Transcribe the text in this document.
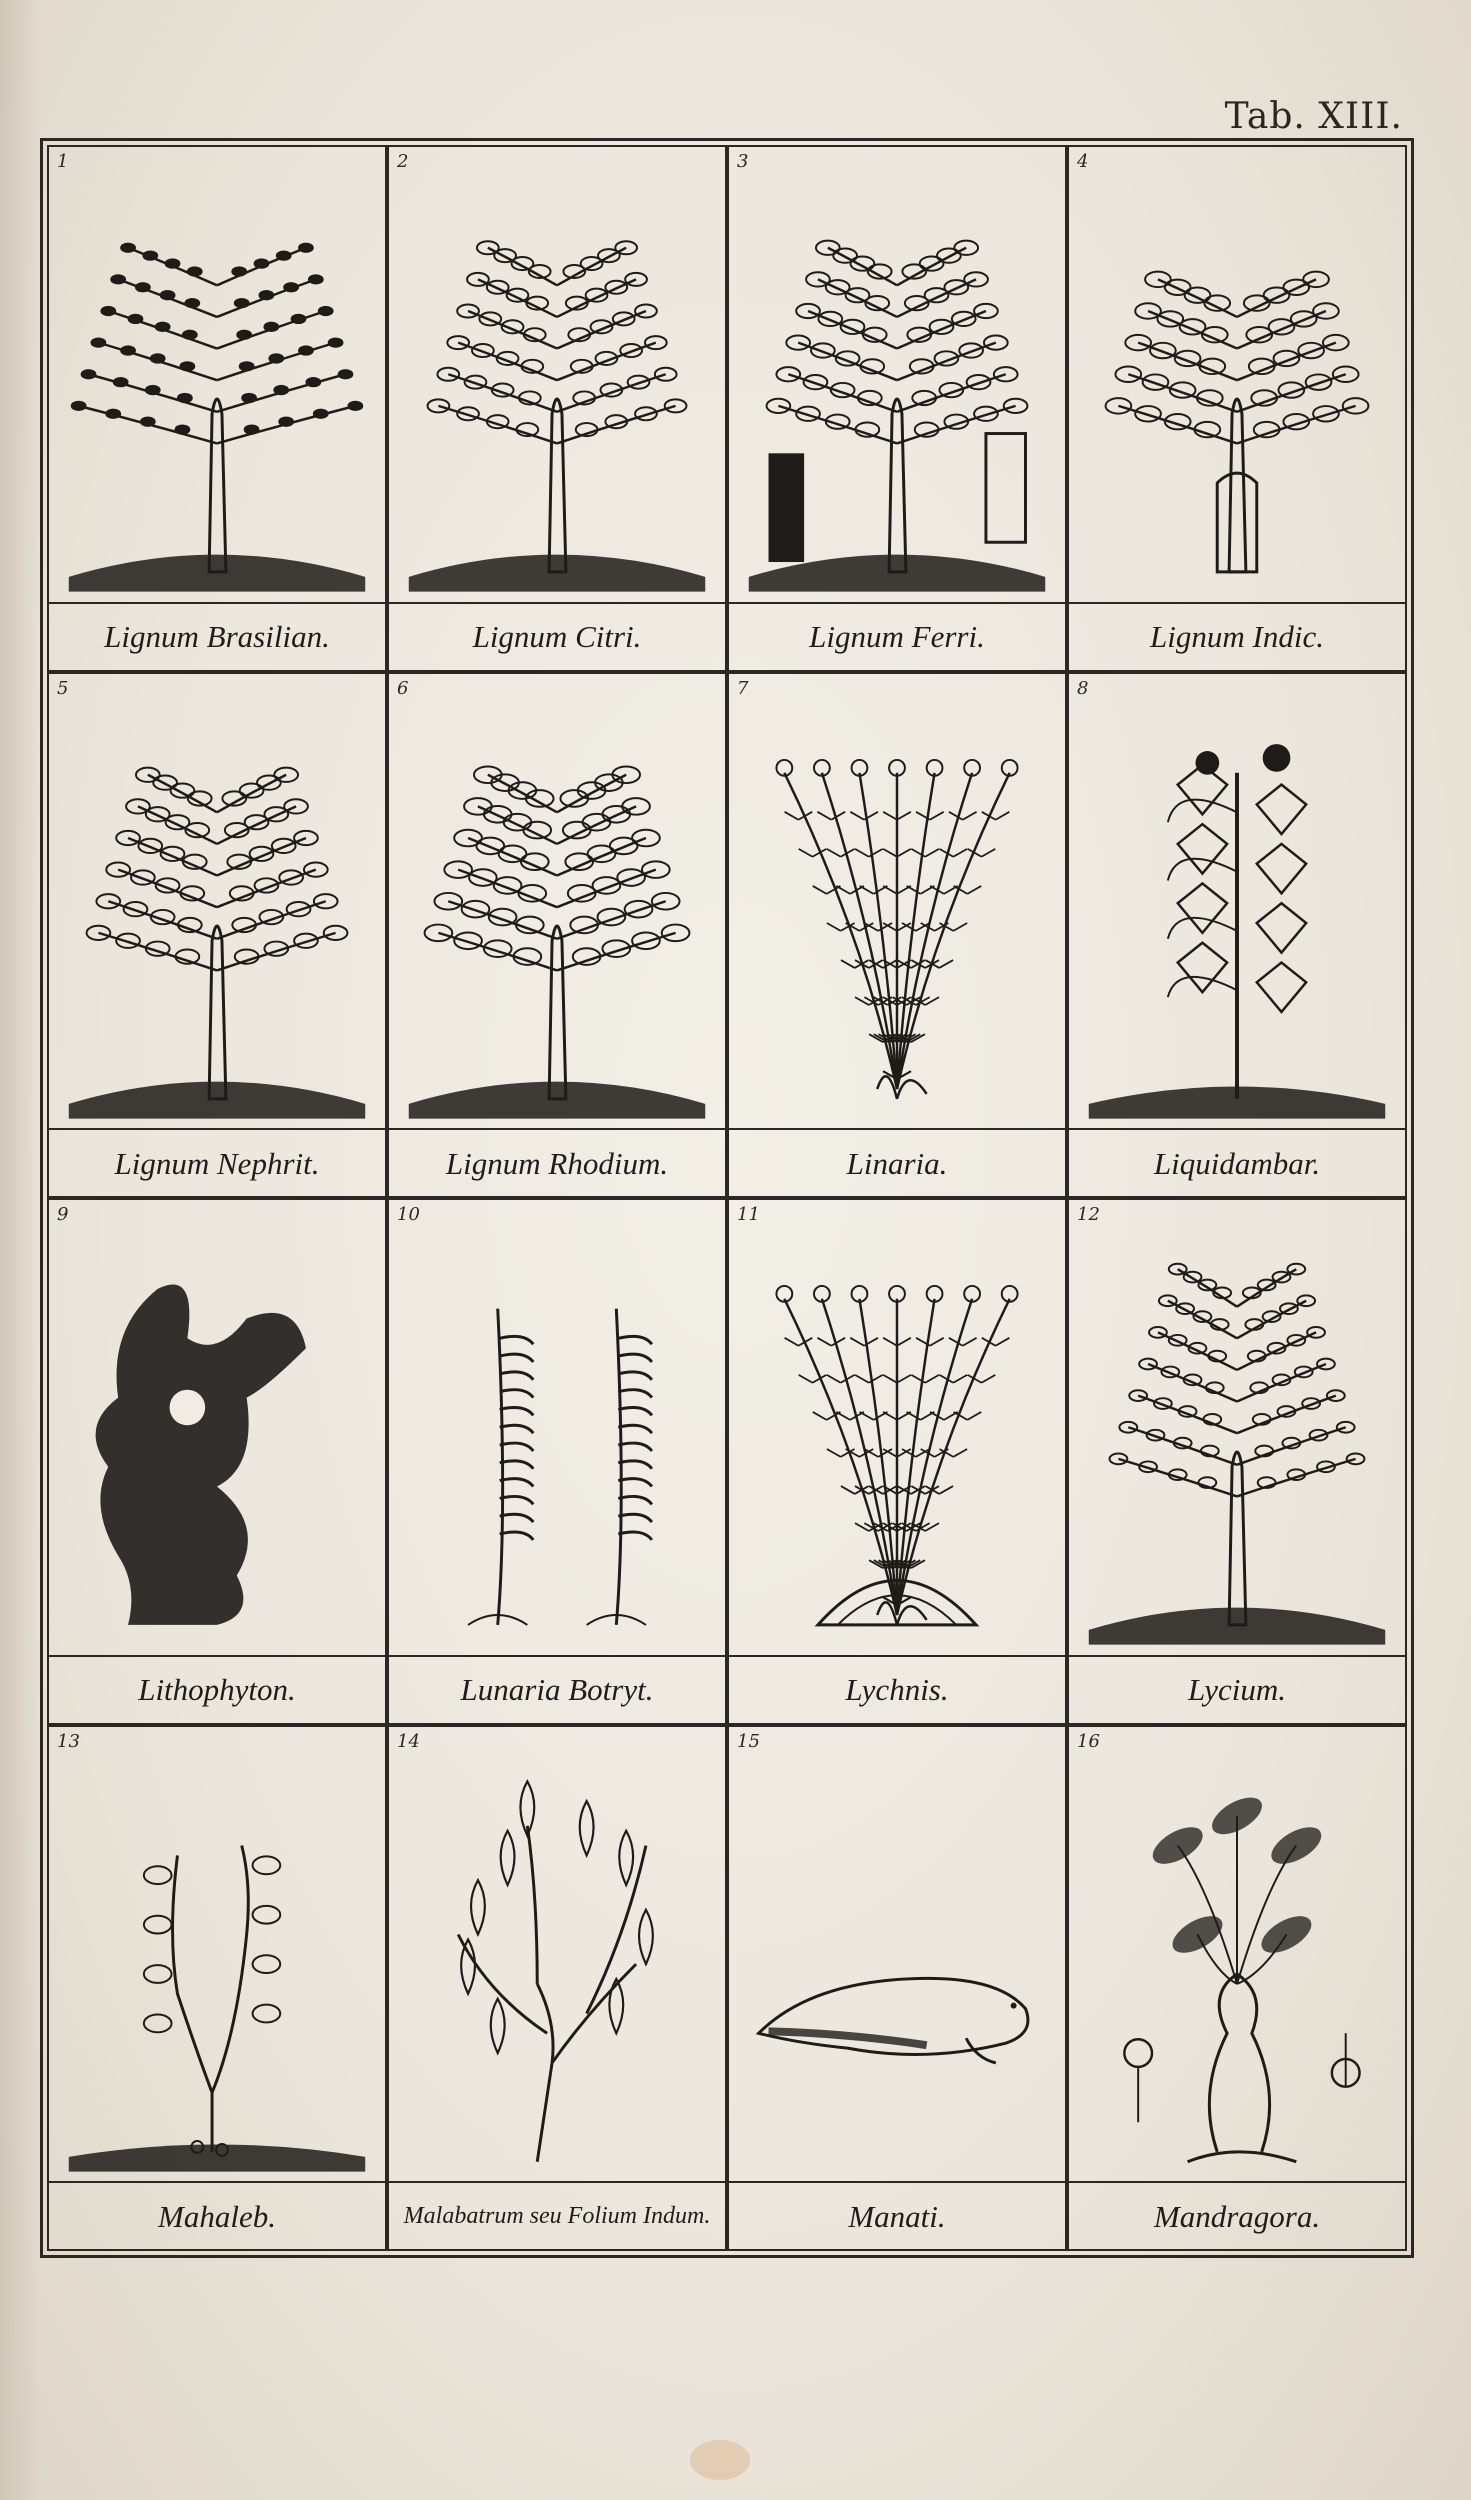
Tab. XIII.
1
Lignum Brasilian.
2
Lignum Citri.
3
Lignum Ferri.
4
Lignum Indic.
5
Lignum Nephrit.
6
Lignum Rhodium.
7
Linaria.
8
Liquidambar.
9
Lithophyton.
10
Lunaria Botryt.
11
Lychnis.
12
Lycium.
13
Mahaleb.
14
Malabatrum seu Folium Indum.
15
Manati.
16
Mandragora.
